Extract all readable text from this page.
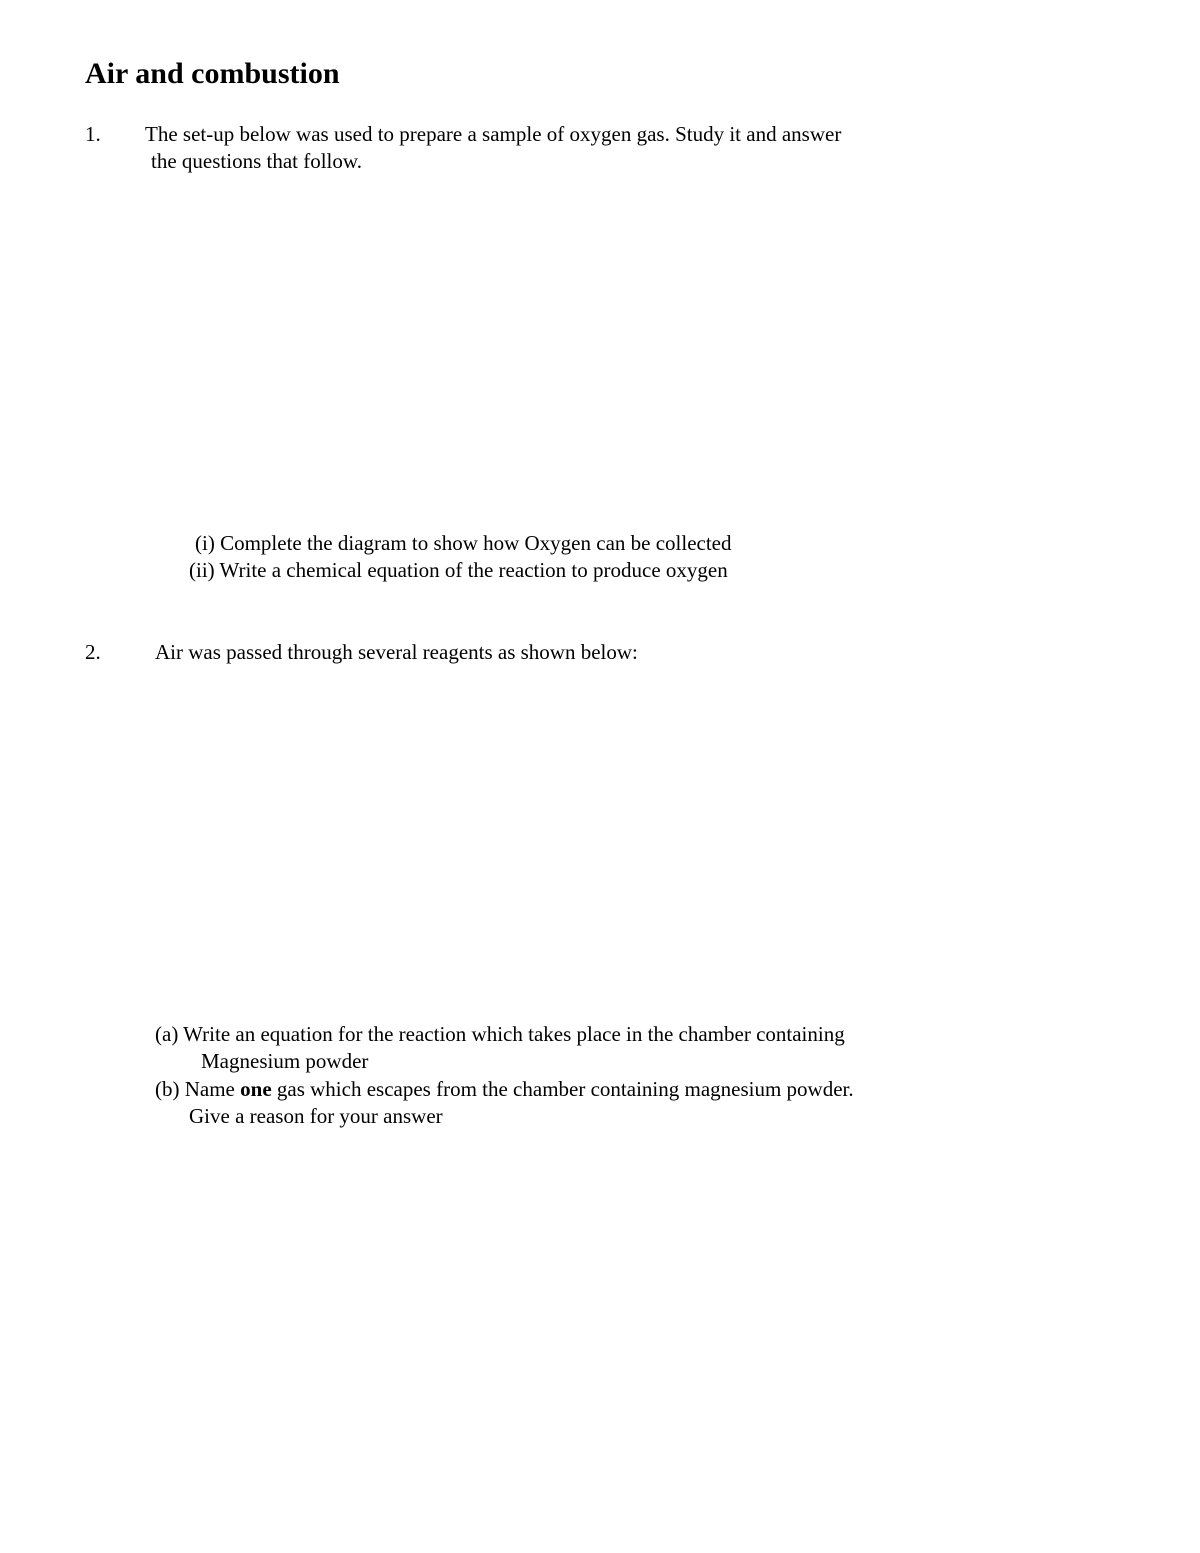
Air and combustion
1. The set-up below was used to prepare a sample of oxygen gas. Study it and answer
the questions that follow.
(i) Complete the diagram to show how Oxygen can be collected
(ii) Write a chemical equation of the reaction to produce oxygen
2.	Air was passed through several reagents as shown below:
(a) Write an equation for the reaction which takes place in the chamber containing
Magnesium powder
(b) Name one gas which escapes from the chamber containing magnesium powder.
Give a reason for your answer
